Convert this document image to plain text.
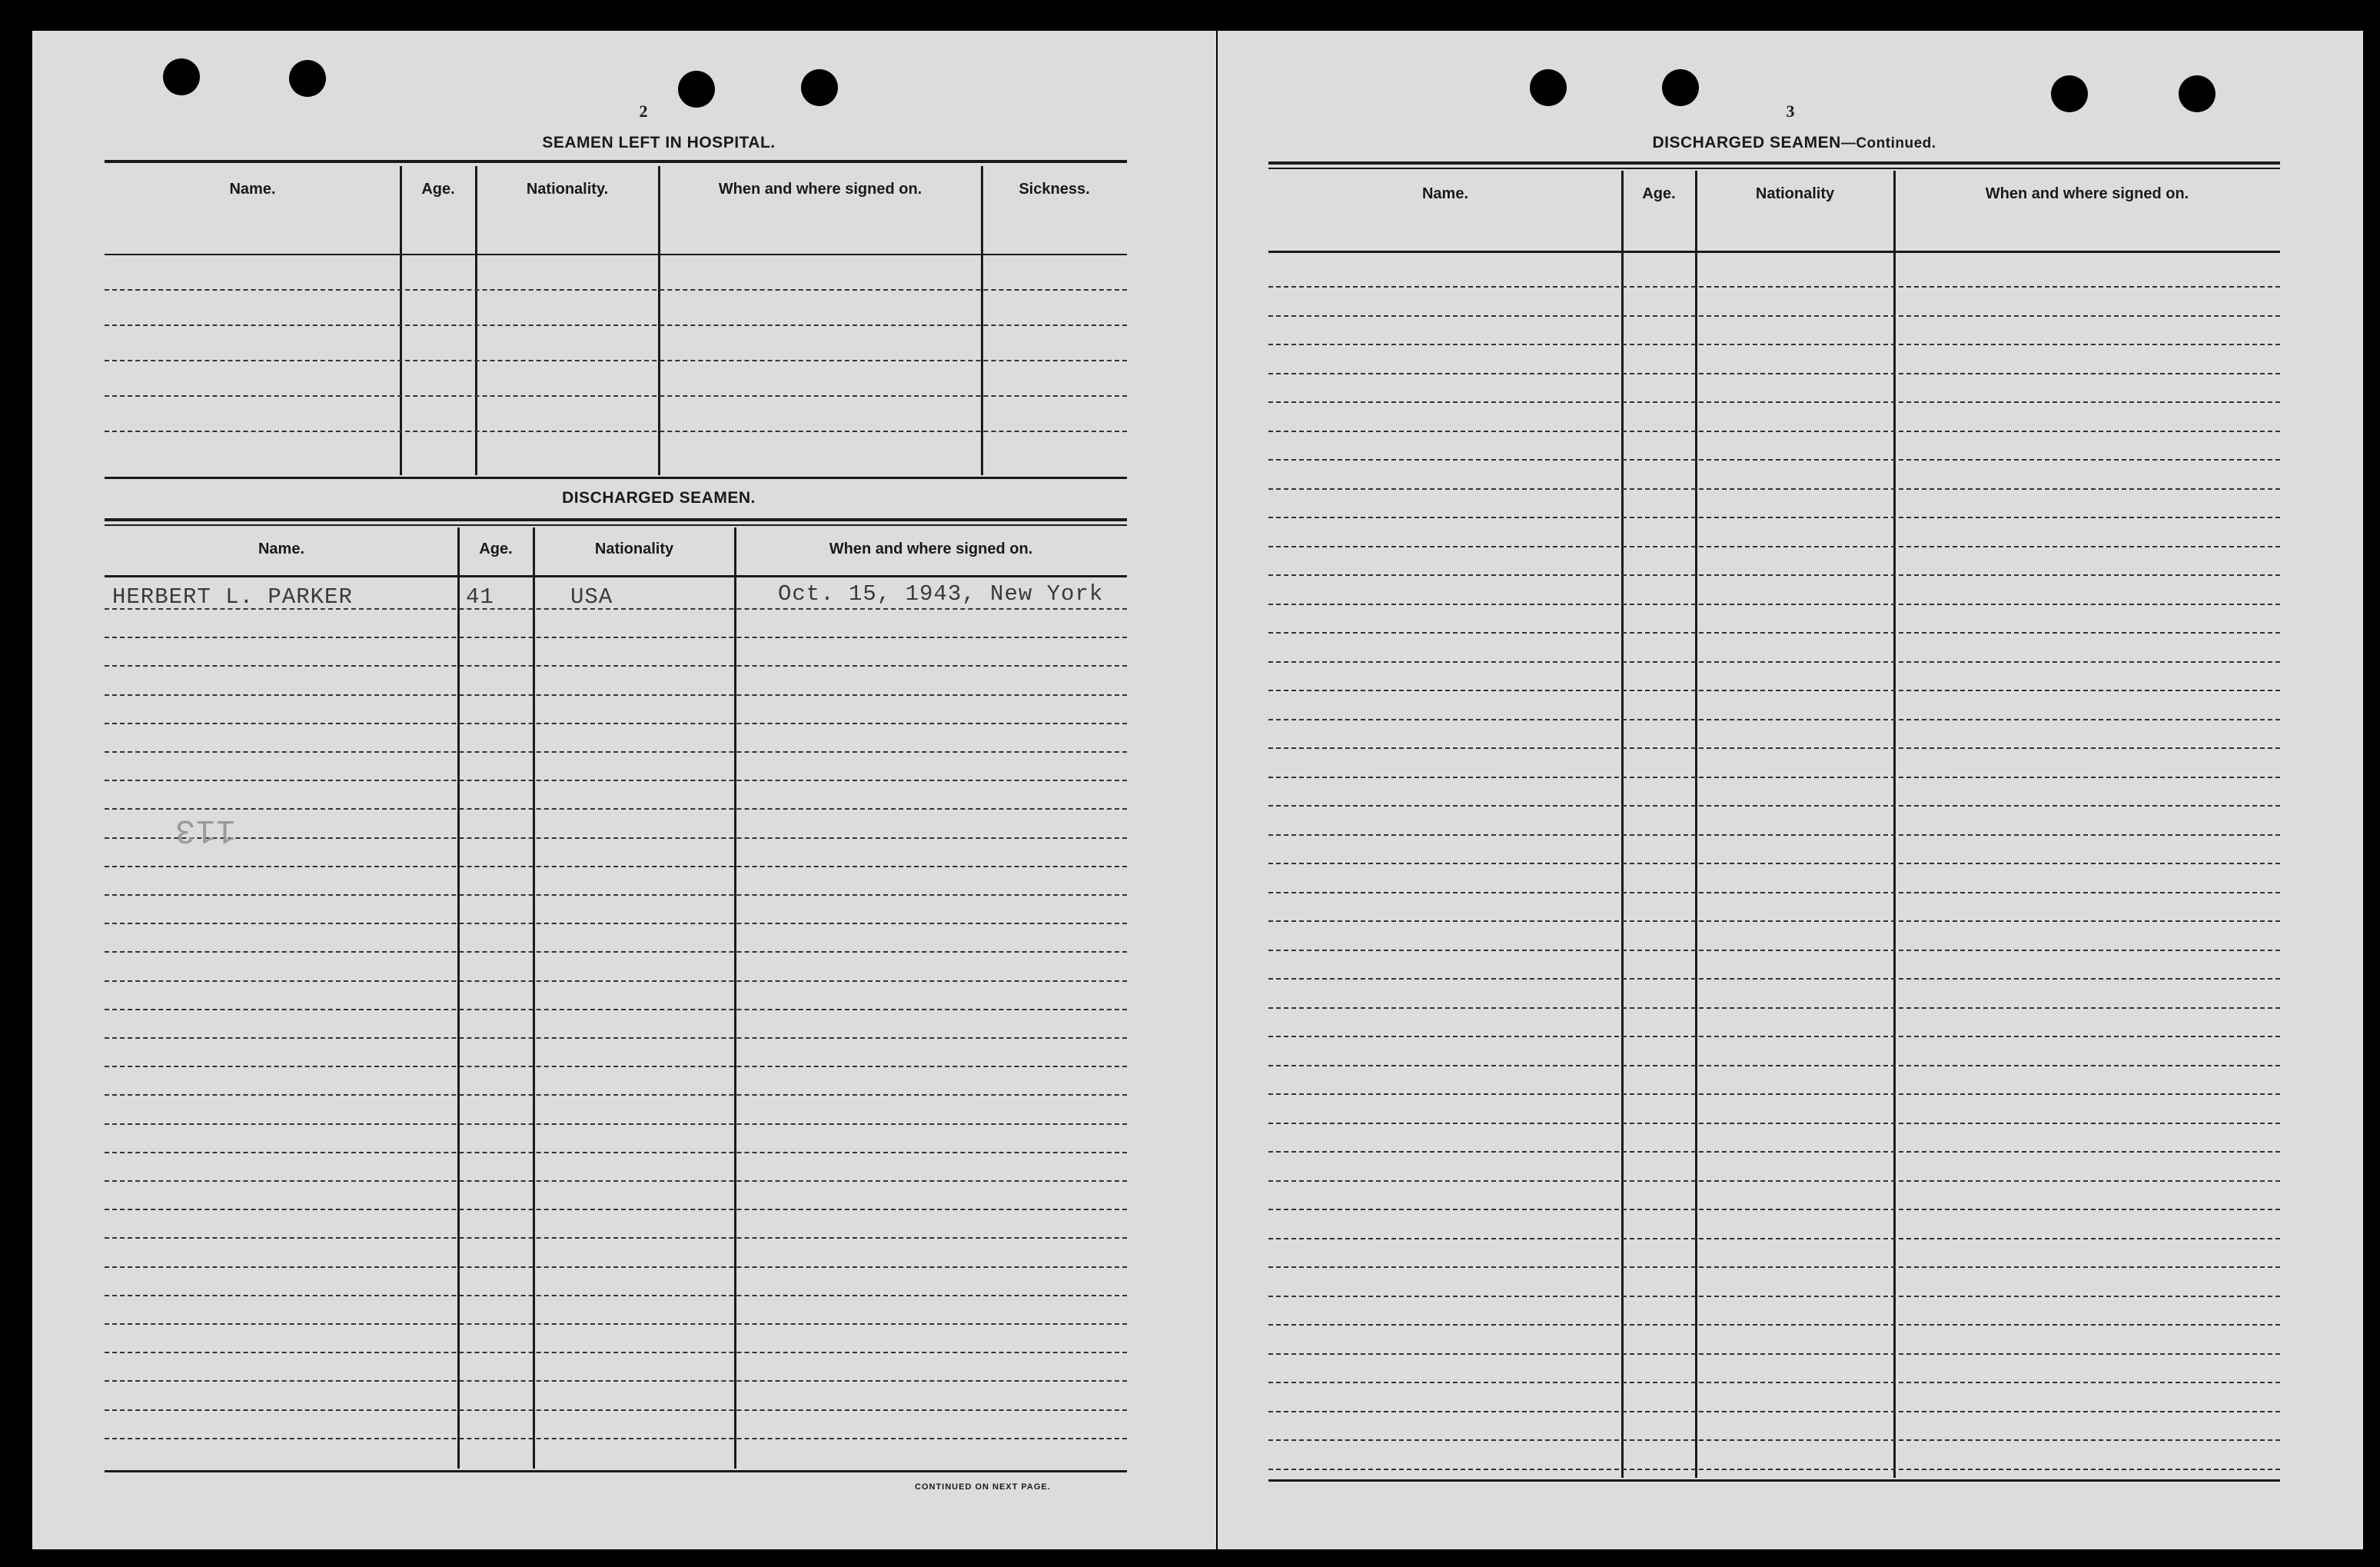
2
SEAMEN LEFT IN HOSPITAL.
Name.	Age.	Nationality.	When and where signed on.	Sickness.
DISCHARGED SEAMEN.
Name.	Age.	Nationality	When and where signed on.
HERBERT L. PARKER	41	USA	Oct. 15, 1943, New York
113
CONTINUED ON NEXT PAGE.
3
DISCHARGED SEAMEN—Continued.
Name.	Age.	Nationality	When and where signed on.
